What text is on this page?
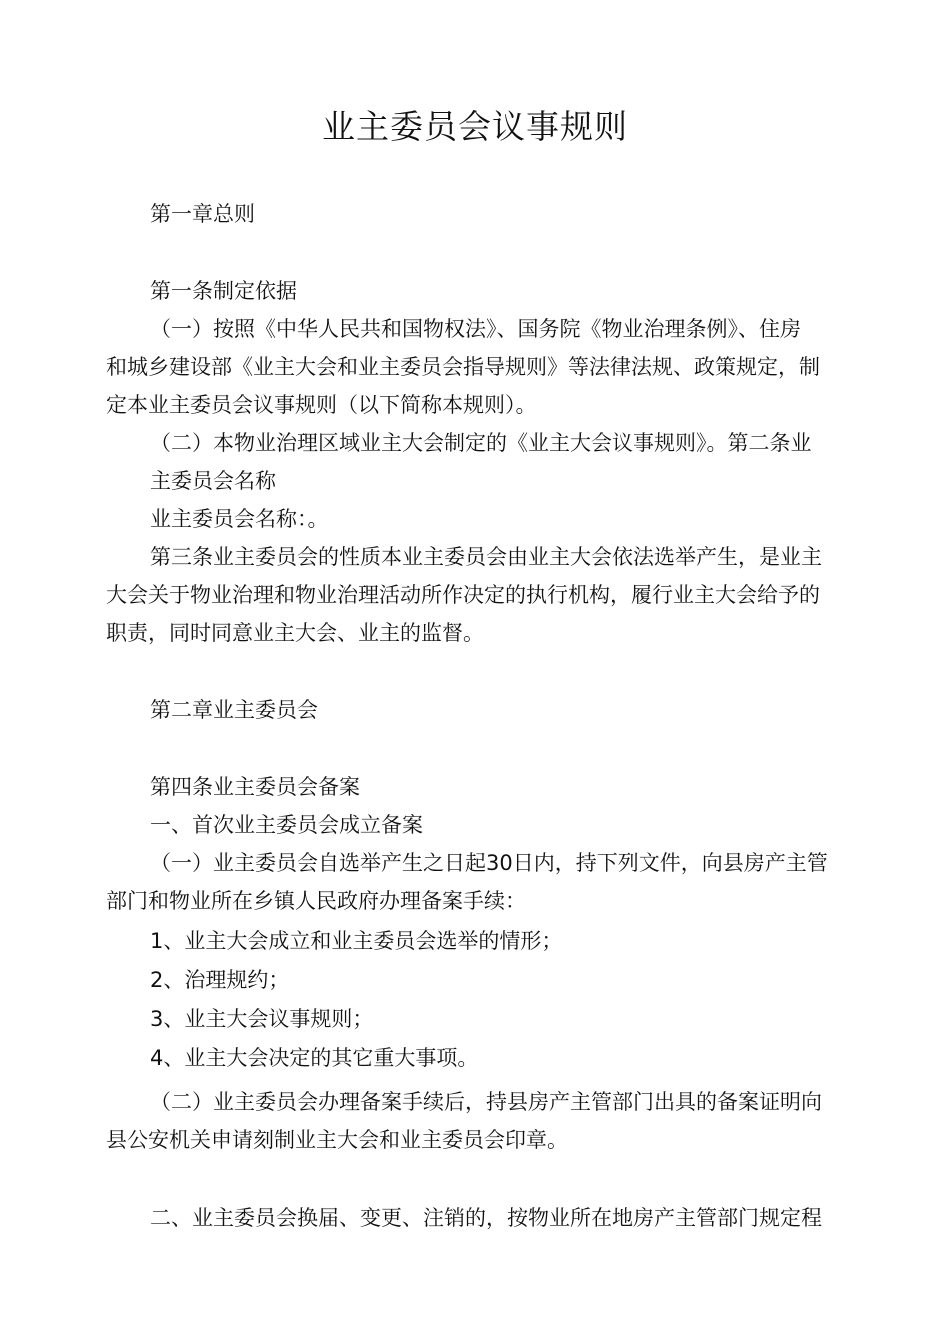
业主委员会议事规则

第一章总则

第一条制定依据

（一）按照《中华人民共和国物权法》、国务院《物业治理条例》、住房

和城乡建设部《业主大会和业主委员会指导规则》等法律法规、政策规定，制

定本业主委员会议事规则（以下简称本规则）。

（二）本物业治理区域业主大会制定的《业主大会议事规则》。第二条业

主委员会名称

业主委员会名称：。

第三条业主委员会的性质本业主委员会由业主大会依法选举产生，是业主

大会关于物业治理和物业治理活动所作决定的执行机构，履行业主大会给予的

职责，同时同意业主大会、业主的监督。

第二章业主委员会

第四条业主委员会备案

一、首次业主委员会成立备案

（一）业主委员会自选举产生之日起30日内，持下列文件，向县房产主管

部门和物业所在乡镇人民政府办理备案手续：

1、业主大会成立和业主委员会选举的情形；

2、治理规约；

3、业主大会议事规则；

4、业主大会决定的其它重大事项。

（二）业主委员会办理备案手续后，持县房产主管部门出具的备案证明向

县公安机关申请刻制业主大会和业主委员会印章。

二、业主委员会换届、变更、注销的，按物业所在地房产主管部门规定程
